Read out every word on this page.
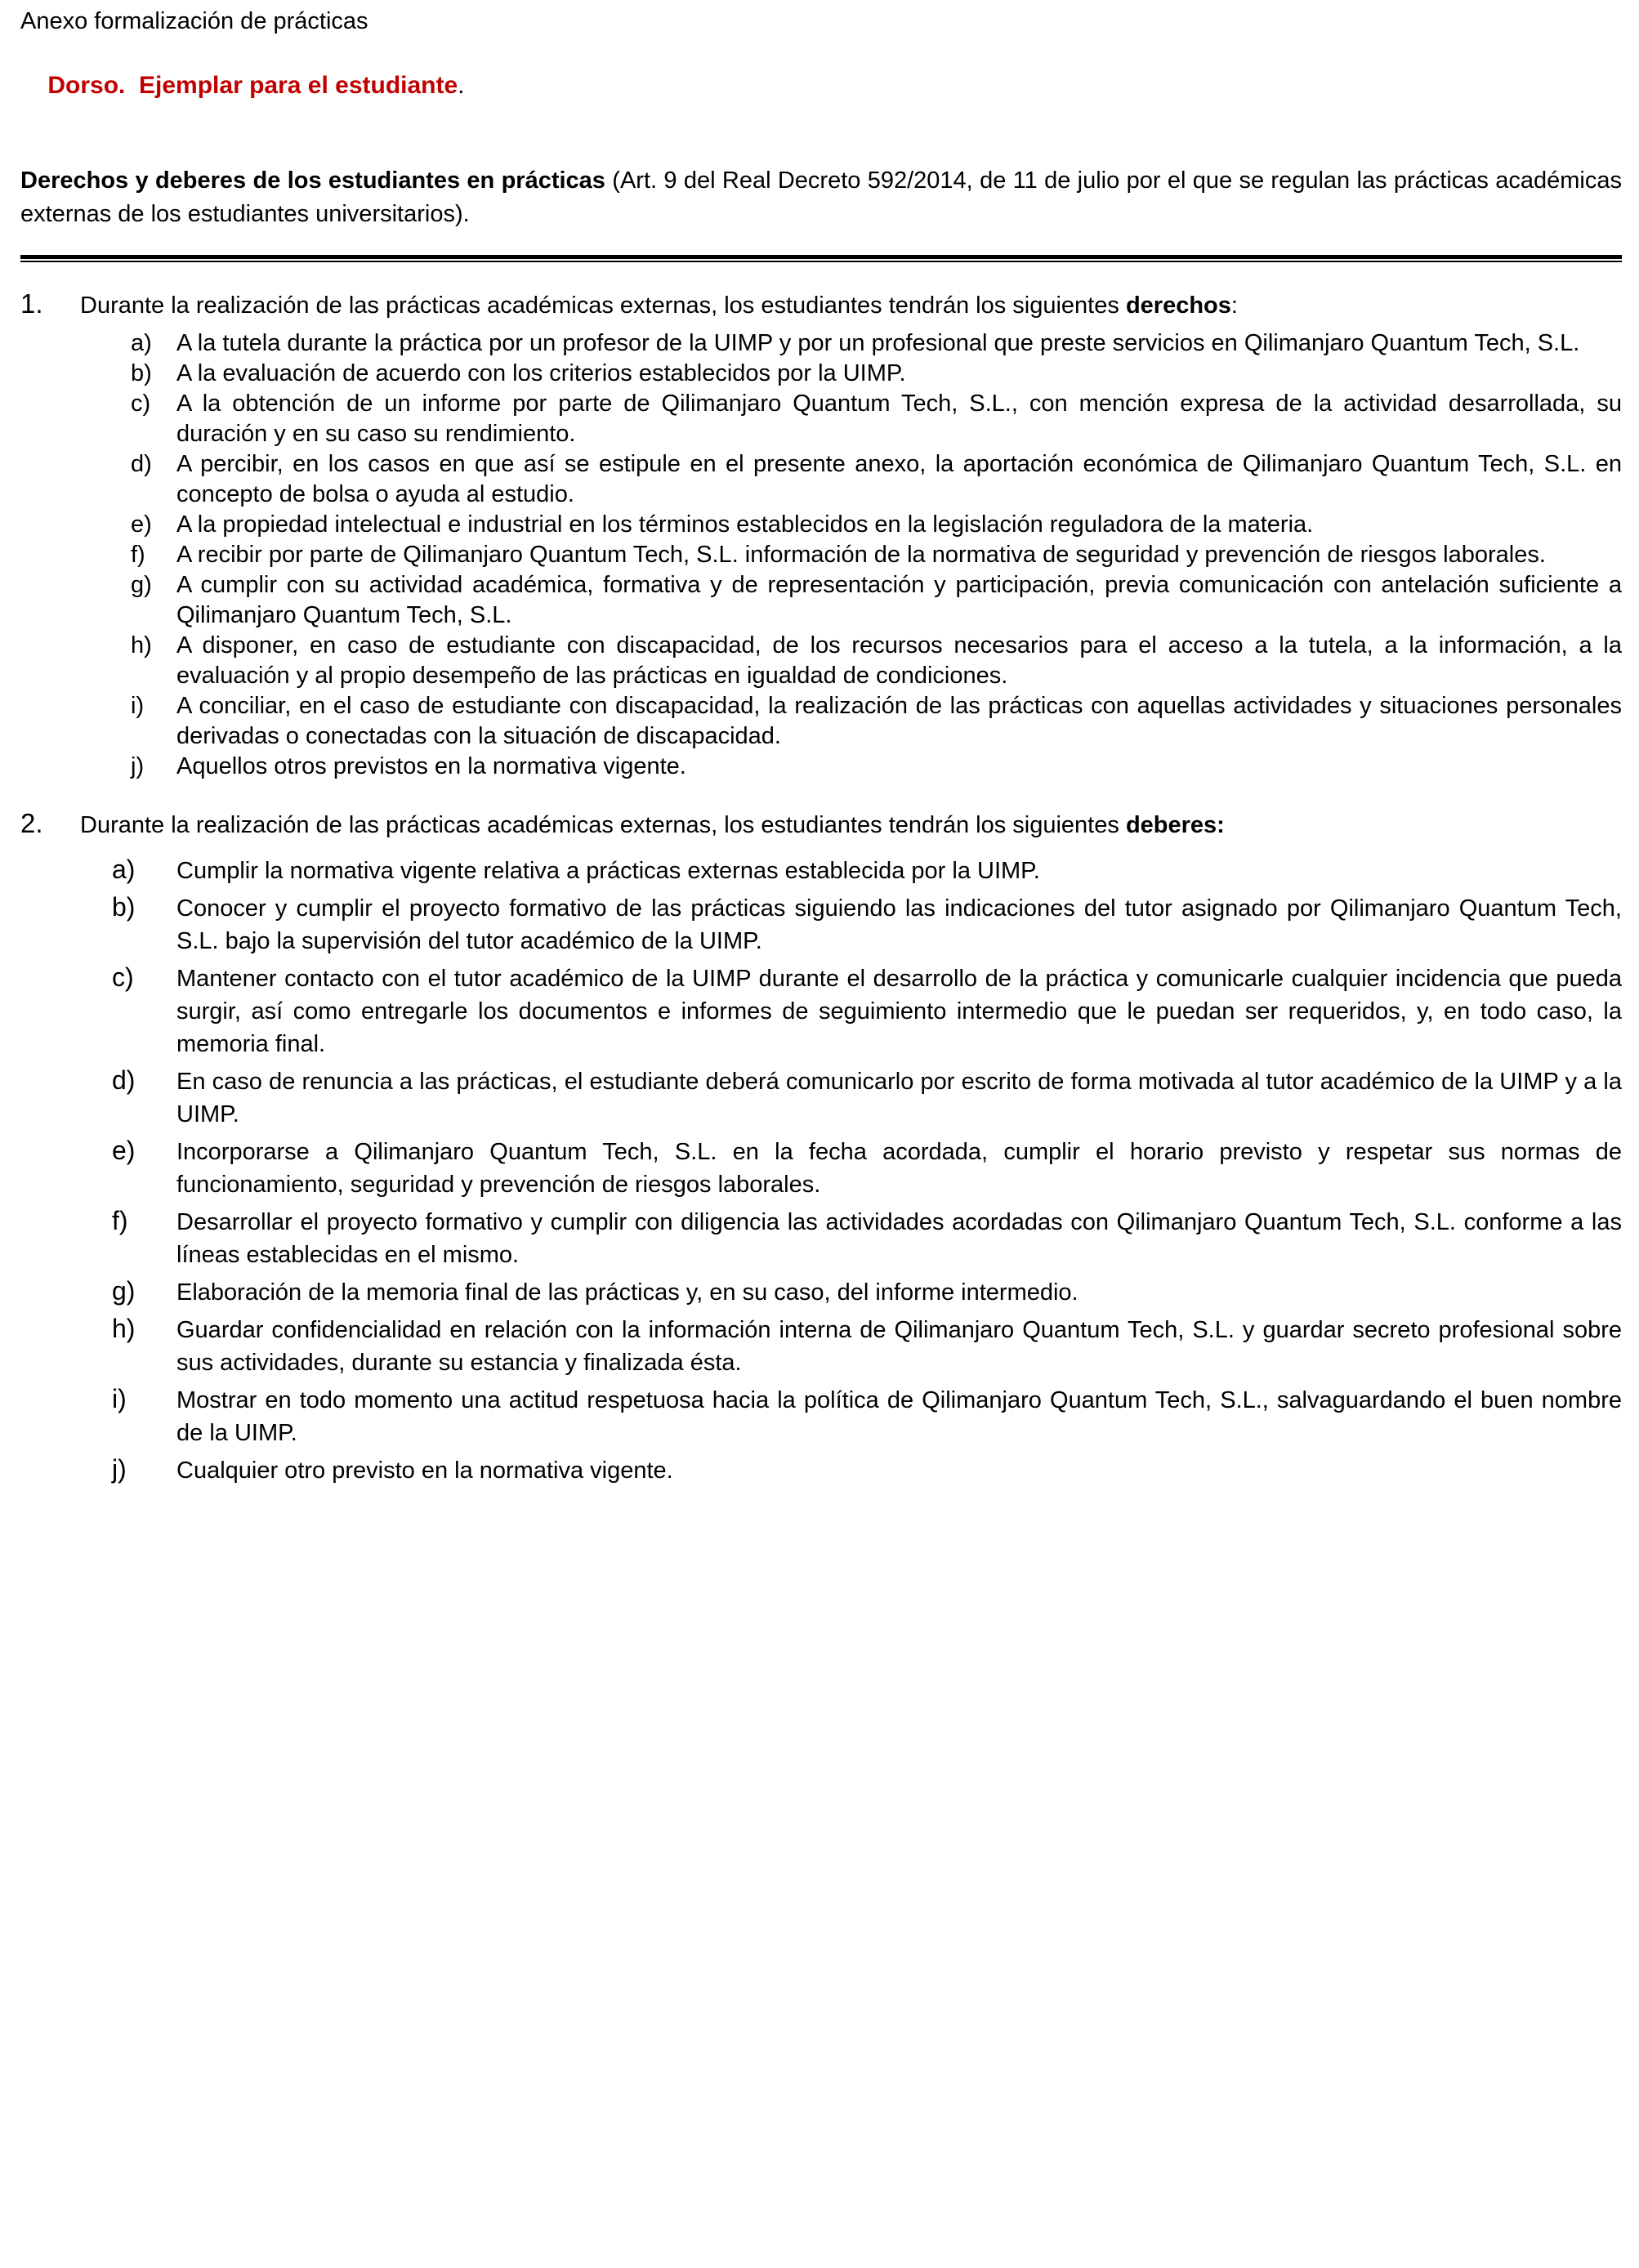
Anexo formalización de prácticas

Dorso.  Ejemplar para el estudiante.

Derechos y deberes de los estudiantes en prácticas (Art. 9 del Real Decreto 592/2014, de 11 de julio por el que se regulan las prácticas académicas externas de los estudiantes universitarios).

1.	Durante la realización de las prácticas académicas externas, los estudiantes tendrán los siguientes derechos:
a)	A la tutela durante la práctica por un profesor de la UIMP y por un profesional que preste servicios en Qilimanjaro Quantum Tech, S.L.
b)	A la evaluación de acuerdo con los criterios establecidos por la UIMP.
c)	A la obtención de un informe por parte de Qilimanjaro Quantum Tech, S.L., con mención expresa de la actividad desarrollada, su duración y en su caso su rendimiento.
d)	A percibir, en los casos en que así se estipule en el presente anexo, la aportación económica de Qilimanjaro Quantum Tech, S.L. en concepto de bolsa o ayuda al estudio.
e)	A la propiedad intelectual e industrial en los términos establecidos en la legislación reguladora de la materia.
f)	A recibir por parte de Qilimanjaro Quantum Tech, S.L. información de la normativa de seguridad y prevención de riesgos laborales.
g)	A cumplir con su actividad académica, formativa y de representación y participación, previa comunicación con antelación suficiente a Qilimanjaro Quantum Tech, S.L.
h)	A disponer, en caso de estudiante con discapacidad, de los recursos necesarios para el acceso a la tutela, a la información, a la evaluación y al propio desempeño de las prácticas en igualdad de condiciones.
i)	A conciliar, en el caso de estudiante con discapacidad, la realización de las prácticas con aquellas actividades y situaciones personales derivadas o conectadas con la situación de discapacidad.
j)	Aquellos otros previstos en la normativa vigente.
2.	Durante la realización de las prácticas académicas externas, los estudiantes tendrán los siguientes deberes:
a)	Cumplir la normativa vigente relativa a prácticas externas establecida por la UIMP.
b)	Conocer y cumplir el proyecto formativo de las prácticas siguiendo las indicaciones del tutor asignado por Qilimanjaro Quantum Tech, S.L. bajo la supervisión del tutor académico de la UIMP.
c)	Mantener contacto con el tutor académico de la UIMP durante el desarrollo de la práctica y comunicarle cualquier incidencia que pueda surgir, así como entregarle los documentos e informes de seguimiento intermedio que le puedan ser requeridos, y, en todo caso, la memoria final.
d)	En caso de renuncia a las prácticas, el estudiante deberá comunicarlo por escrito de forma motivada al tutor académico de la UIMP y a la UIMP.
e)	Incorporarse a Qilimanjaro Quantum Tech, S.L. en la fecha acordada, cumplir el horario previsto y respetar sus normas de funcionamiento, seguridad y prevención de riesgos laborales.
f)	Desarrollar el proyecto formativo y cumplir con diligencia las actividades acordadas con Qilimanjaro Quantum Tech, S.L. conforme a las líneas establecidas en el mismo.
g)	Elaboración de la memoria final de las prácticas y, en su caso, del informe intermedio.
h)	Guardar confidencialidad en relación con la información interna de Qilimanjaro Quantum Tech, S.L. y guardar secreto profesional sobre sus actividades, durante su estancia y finalizada ésta.
i)	Mostrar en todo momento una actitud respetuosa hacia la política de Qilimanjaro Quantum Tech, S.L., salvaguardando el buen nombre de la UIMP.
j)	Cualquier otro previsto en la normativa vigente.
